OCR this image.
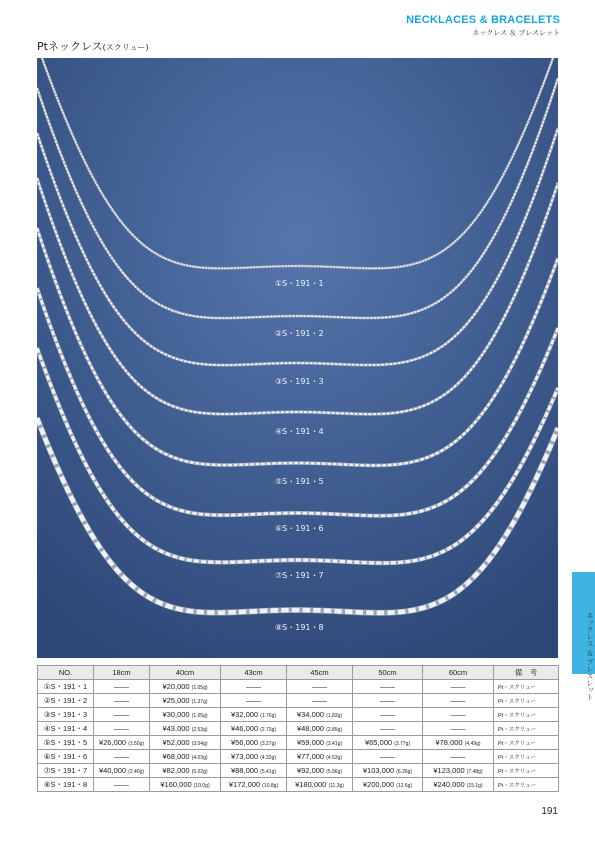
NECKLACES & BRACELETS
ネックレス ＆ ブレスレット
Ptネックレス(スクリュー)
①S・191・1
②S・191・2
③S・191・3
④S・191・4
⑤S・191・5
⑥S・191・6
⑦S・191・7
⑧S・191・8	ネックレス ＆ ブレスレット
NO.	18cm	40cm	43cm	45cm	50cm	60cm	備　考
①S・191・1	——	¥20,000 (1.05g)	——	——	——	——	Pt・スクリュー
②S・191・2	——	¥25,000 (1.37g)	——	——	——	——	Pt・スクリュー
③S・191・3	——	¥30,000 (1.65g)	¥32,000 (1.76g)	¥34,000 (1.83g)	——	——	Pt・スクリュー
④S・191・4	——	¥43,000 (2.53g)	¥46,000 (2.73g)	¥48,000 (2.85g)	——	——	Pt・スクリュー
⑤S・191・5	¥26,000 (1.50g)	¥52,000 (3.04g)	¥56,000 (3.27g)	¥59,000 (3.41g)	¥65,000 (3.77g)	¥78,000 (4.49g)	Pt・スクリュー
⑥S・191・6	——	¥68,000 (4.03g)	¥73,000 (4.33g)	¥77,000 (4.53g)	——	——	Pt・スクリュー
⑦S・191・7	¥40,000 (2.40g)	¥82,000 (5.02g)	¥88,000 (5.41g)	¥92,000 (5.66g)	¥103,000 (6.26g)	¥123,000 (7.48g)	Pt・スクリュー
⑧S・191・8	——	¥160,000 (10.0g)	¥172,000 (10.8g)	¥180,000 (11.3g)	¥200,000 (12.6g)	¥240,000 (15.1g)	Pt・スクリュー
191
